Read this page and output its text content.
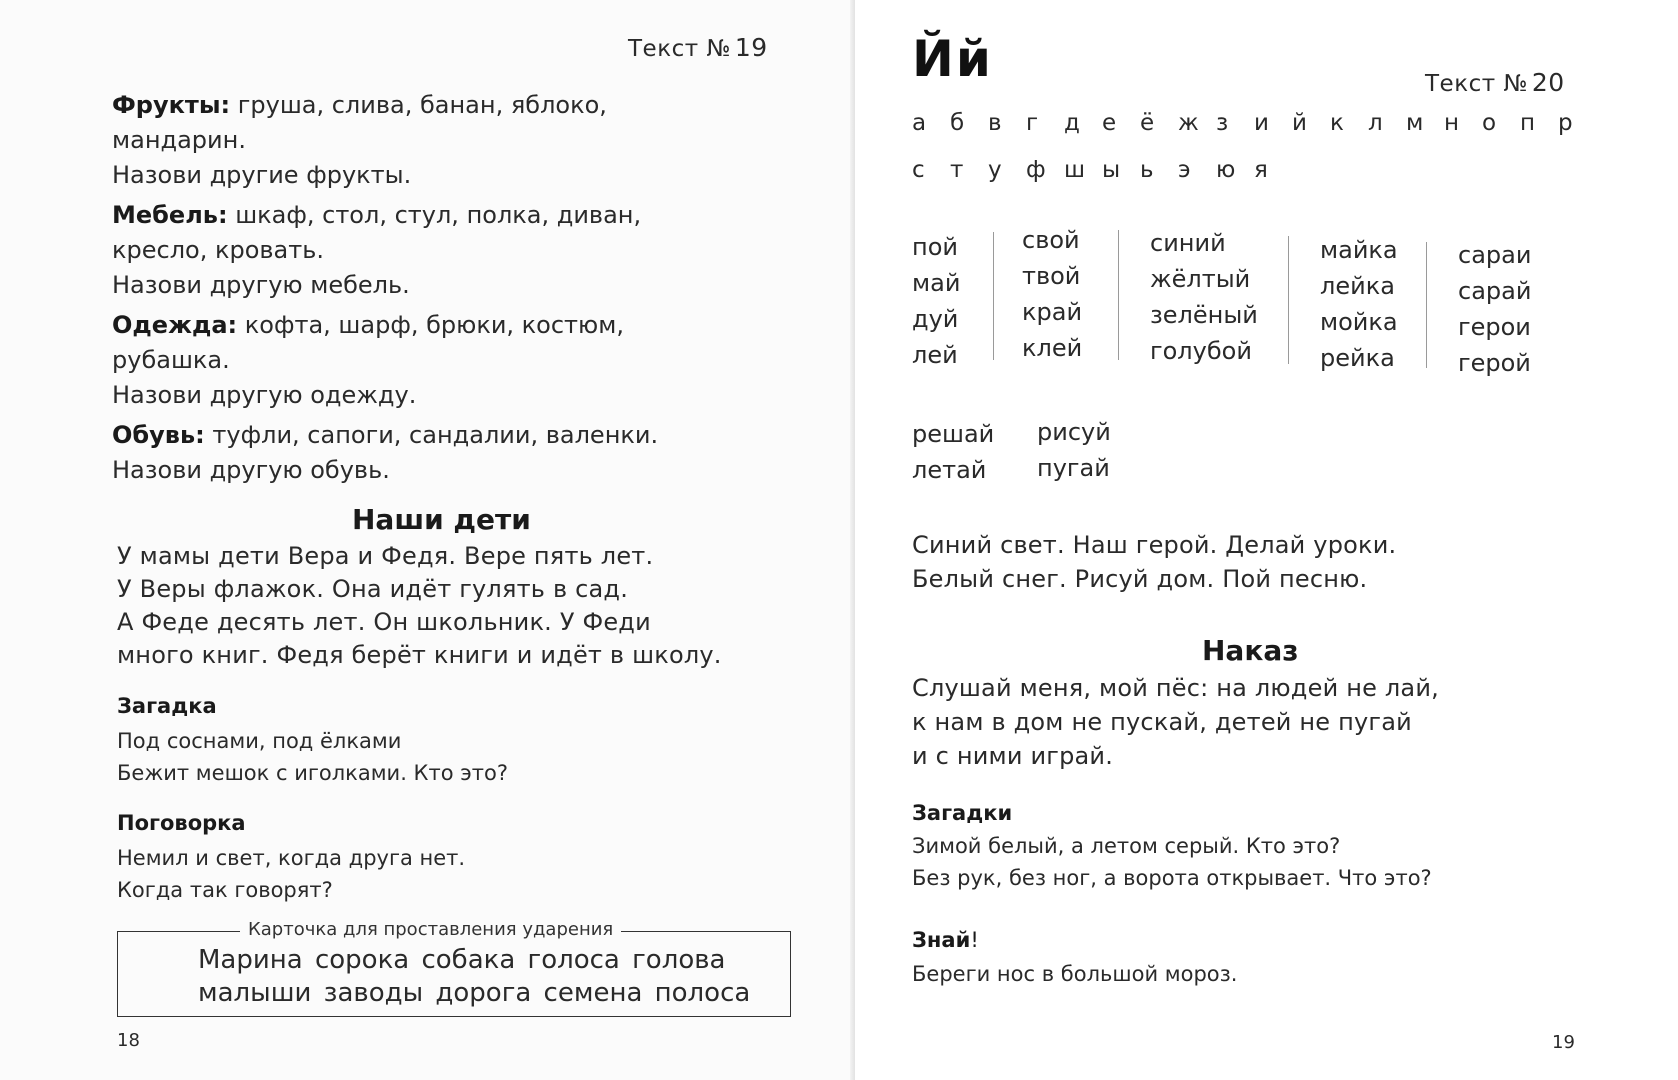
Текст № 19
Фрукты: груша, слива, банан, яблоко,
мандарин.
Назови другие фрукты.
Мебель: шкаф, стол, стул, полка, диван,
кресло, кровать.
Назови другую мебель.
Одежда: кофта, шарф, брюки, костюм,
рубашка.
Назови другую одежду.
Обувь: туфли, сапоги, сандалии, валенки.
Назови другую обувь.
Наши дети
У мамы дети Вера и Федя. Вере пять лет.
У Веры флажок. Она идёт гулять в сад.
А Феде десять лет. Он школьник. У Феди
много книг. Федя берёт книги и идёт в школу.
Загадка
Под соснами, под ёлками
Бежит мешок с иголками. Кто это?
Поговорка
Немил и свет, когда друга нет.
Когда так говорят?
Карточка для проставления ударения
Марина сорока собака голоса голова
малыши заводы дорога семена полоса
18
Йй	Текст № 20
а б в г д е ё ж з и й к л м н о п р
с т у ф ш ы ь э ю я
пой
май
дуй
лей
свой
твой
край
клей
синий
жёлтый
зелёный
голубой
майка
лейка
мойка
рейка
сараи
сарай
герои
герой
решай
летай
рисуй
пугай
Синий свет. Наш герой. Делай уроки.
Белый снег. Рисуй дом. Пой песню.
Наказ
Слушай меня, мой пёс: на людей не лай,
к нам в дом не пускай, детей не пугай
и с ними играй.
Загадки
Зимой белый, а летом серый. Кто это?
Без рук, без ног, а ворота открывает. Что это?
Знай!
Береги нос в большой мороз.
19
